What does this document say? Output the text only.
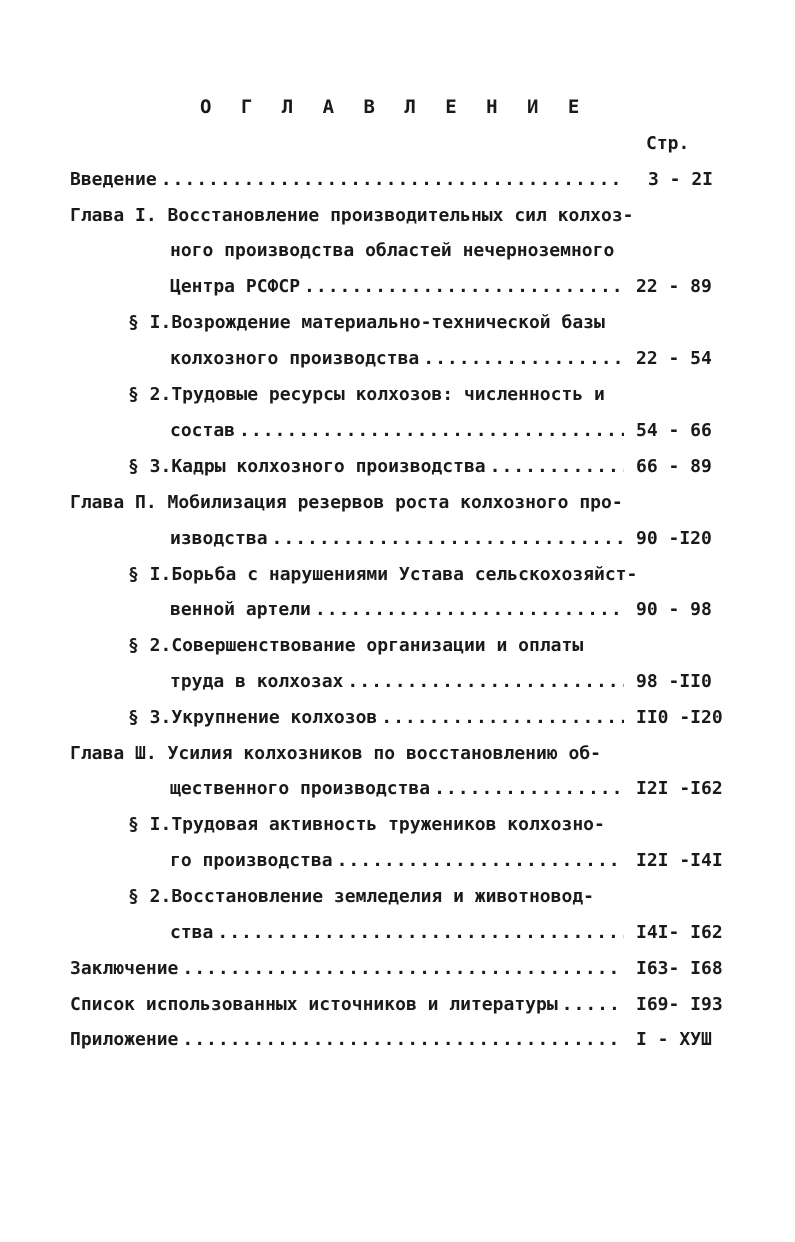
О Г Л А В Л Е Н И Е
Стр.
Введение .....	3 - 2I
Глава I. Восстановление производительных сил колхоз-
ного производства областей нечерноземного
Центра РСФСР .....	22 - 89
§ I.Возрождение материально-технической базы
колхозного производства .....	22 - 54
§ 2.Трудовые ресурсы колхозов: численность и
состав .....	54 - 66
§ 3.Кадры колхозного производства .....	66 - 89
Глава П. Мобилизация резервов роста колхозного про-
изводства .....	90 -I20
§ I.Борьба с нарушениями Устава сельскохозяйст-
венной артели .....	90 - 98
§ 2.Совершенствование организации и оплаты
труда в колхозах .....	98 -II0
§ 3.Укрупнение колхозов .....	II0 -I20
Глава Ш. Усилия колхозников по восстановлению об-
щественного производства .....	I2I -I62
§ I.Трудовая активность тружеников колхозно-
го производства .....	I2I -I4I
§ 2.Восстановление земледелия и животновод-
ства .....	I4I- I62
Заключение .....	I63- I68
Список использованных источников и литературы .....	I69- I93
Приложение .....	I - ХУШ
